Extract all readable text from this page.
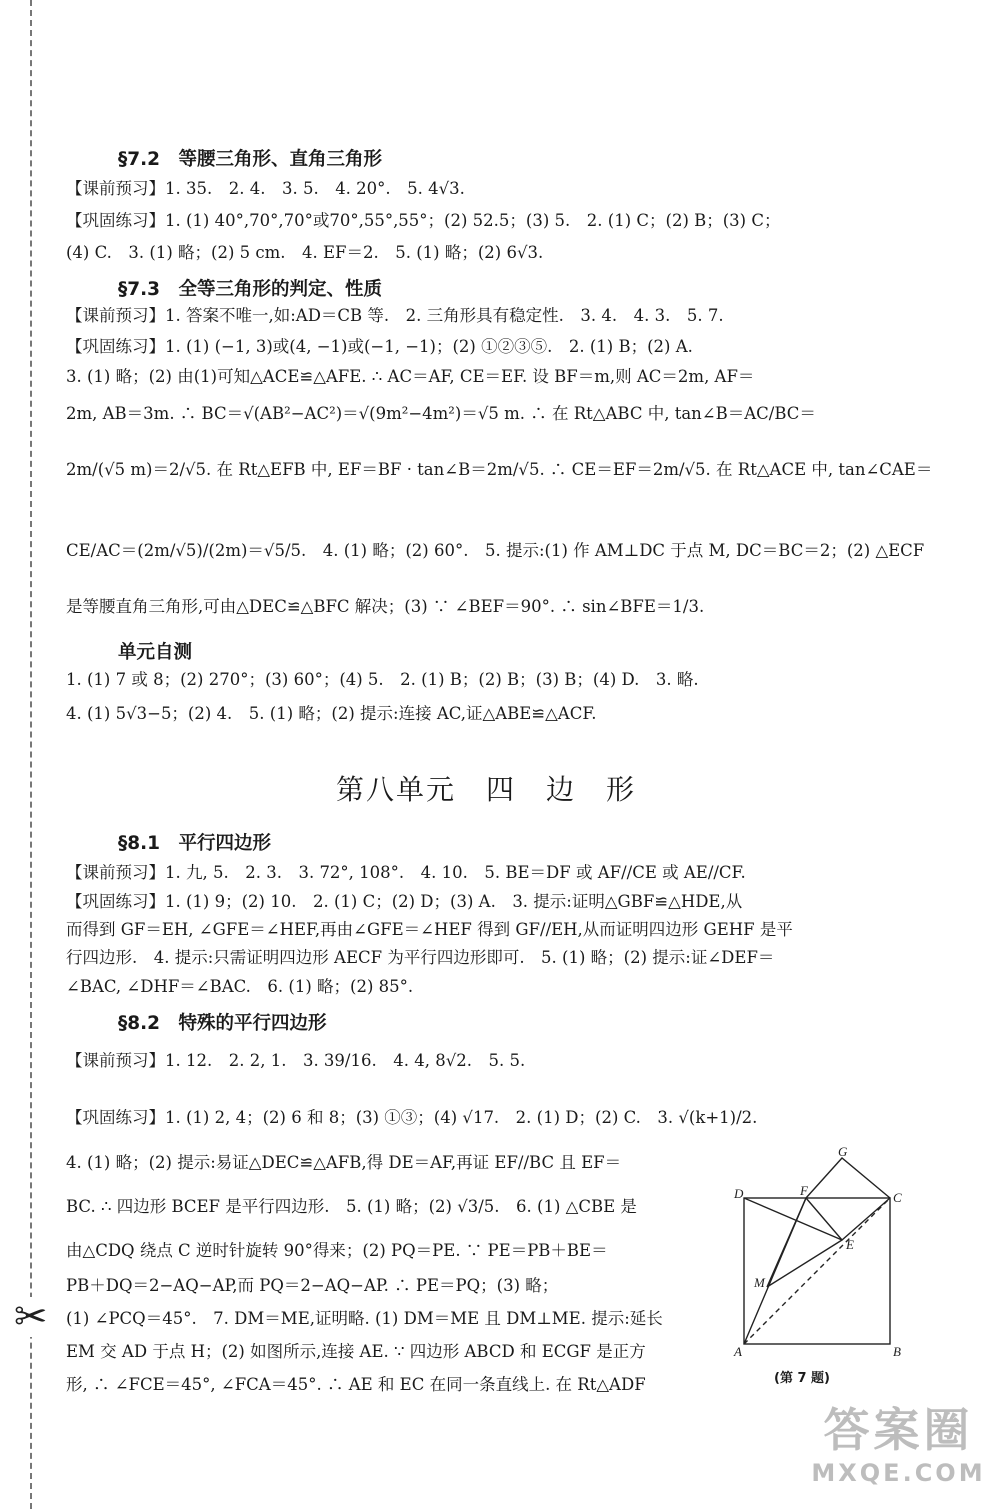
✂
§7.2　等腰三角形、直角三角形
【课前预习】1. 35.　2. 4.　3. 5.　4. 20°.　5. 4√3.
【巩固练习】1. (1) 40°,70°,70°或70°,55°,55°；(2) 52.5；(3) 5.　2. (1) C；(2) B；(3) C；
(4) C.　3. (1) 略；(2) 5 cm.　4. EF＝2.　5. (1) 略；(2) 6√3.
§7.3　全等三角形的判定、性质
【课前预习】1. 答案不唯一,如:AD＝CB 等.　2. 三角形具有稳定性.　3. 4.　4. 3.　5. 7.
【巩固练习】1. (1) (−1, 3)或(4, −1)或(−1, −1)；(2) ①②③⑤.　2. (1) B；(2) A.
3. (1) 略；(2) 由(1)可知△ACE≌△AFE. ∴ AC＝AF, CE＝EF. 设 BF＝m,则 AC＝2m, AF＝
2m, AB＝3m. ∴ BC＝√(AB²−AC²)＝√(9m²−4m²)＝√5 m. ∴ 在 Rt△ABC 中, tan∠B＝AC/BC＝
2m/(√5 m)＝2/√5. 在 Rt△EFB 中, EF＝BF · tan∠B＝2m/√5. ∴ CE＝EF＝2m/√5. 在 Rt△ACE 中, tan∠CAE＝
CE/AC＝(2m/√5)/(2m)＝√5/5.　4. (1) 略；(2) 60°.　5. 提示:(1) 作 AM⊥DC 于点 M, DC＝BC＝2；(2) △ECF
是等腰直角三角形,可由△DEC≌△BFC 解决；(3) ∵ ∠BEF＝90°. ∴ sin∠BFE＝1/3.
单元自测
1. (1) 7 或 8；(2) 270°；(3) 60°；(4) 5.　2. (1) B；(2) B；(3) B；(4) D.　3. 略.
4. (1) 5√3−5；(2) 4.　5. (1) 略；(2) 提示:连接 AC,证△ABE≌△ACF.
第八单元　四　边　形
§8.1　平行四边形
【课前预习】1. 九, 5.　2. 3.　3. 72°, 108°.　4. 10.　5. BE＝DF 或 AF//CE 或 AE//CF.
【巩固练习】1. (1) 9；(2) 10.　2. (1) C；(2) D；(3) A.　3. 提示:证明△GBF≌△HDE,从
而得到 GF＝EH, ∠GFE＝∠HEF,再由∠GFE＝∠HEF 得到 GF//EH,从而证明四边形 GEHF 是平
行四边形.　4. 提示:只需证明四边形 AECF 为平行四边形即可.　5. (1) 略；(2) 提示:证∠DEF＝
∠BAC, ∠DHF＝∠BAC.　6. (1) 略；(2) 85°.
§8.2　特殊的平行四边形
【课前预习】1. 12.　2. 2, 1.　3. 39/16.　4. 4, 8√2.　5. 5.
【巩固练习】1. (1) 2, 4；(2) 6 和 8；(3) ①③；(4) √17.　2. (1) D；(2) C.　3. √(k+1)/2.
4. (1) 略；(2) 提示:易证△DEC≌△AFB,得 DE＝AF,再证 EF//BC 且 EF＝
BC. ∴ 四边形 BCEF 是平行四边形.　5. (1) 略；(2) √3/5.　6. (1) △CBE 是
由△CDQ 绕点 C 逆时针旋转 90°得来；(2) PQ＝PE. ∵ PE＝PB＋BE＝
PB＋DQ＝2−AQ−AP,而 PQ＝2−AQ−AP. ∴ PE＝PQ；(3) 略；
(1) ∠PCQ＝45°.　7. DM＝ME,证明略. (1) DM＝ME 且 DM⊥ME. 提示:延长
EM 交 AD 于点 H；(2) 如图所示,连接 AE. ∵ 四边形 ABCD 和 ECGF 是正方
形, ∴ ∠FCE＝45°, ∠FCA＝45°. ∴ AE 和 EC 在同一条直线上. 在 Rt△ADF
D	F
G
C
E
M
A	B
(第 7 题)
答案圈
MXQE.COM
